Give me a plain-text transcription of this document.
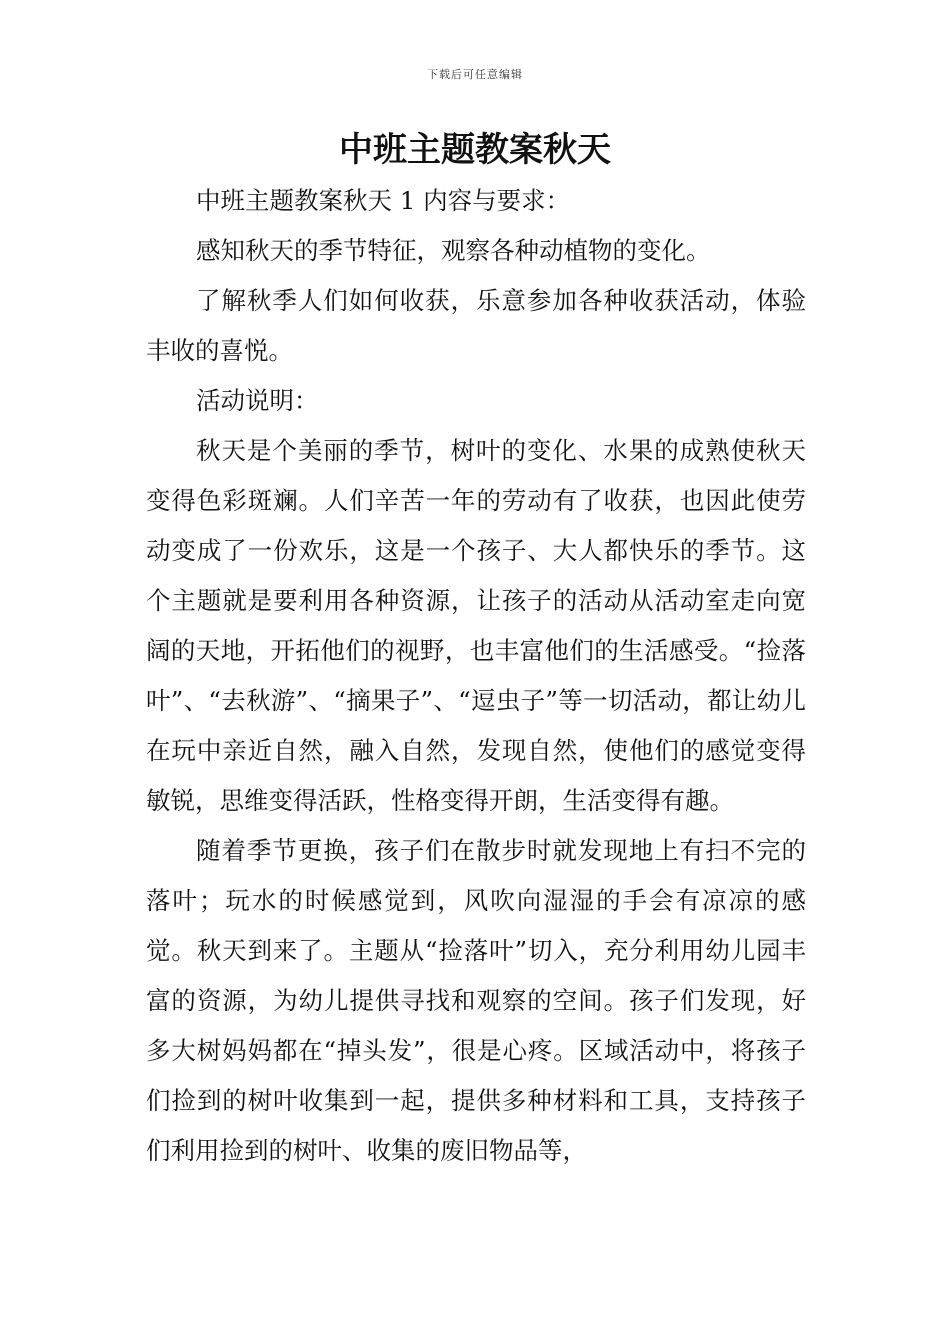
下载后可任意编辑
中班主题教案秋天

中班主题教案秋天 1 内容与要求：

感知秋天的季节特征，观察各种动植物的变化。

了解秋季人们如何收获，乐意参加各种收获活动，体验丰收的喜悦。

活动说明：

秋天是个美丽的季节，树叶的变化、水果的成熟使秋天变得色彩斑斓。人们辛苦一年的劳动有了收获，也因此使劳动变成了一份欢乐，这是一个孩子、大人都快乐的季节。这个主题就是要利用各种资源，让孩子的活动从活动室走向宽阔的天地，开拓他们的视野，也丰富他们的生活感受。“捡落叶”、“去秋游”、“摘果子”、“逗虫子”等一切活动，都让幼儿在玩中亲近自然，融入自然，发现自然，使他们的感觉变得敏锐，思维变得活跃，性格变得开朗，生活变得有趣。

随着季节更换，孩子们在散步时就发现地上有扫不完的落叶；玩水的时候感觉到，风吹向湿湿的手会有凉凉的感觉。秋天到来了。主题从“捡落叶”切入，充分利用幼儿园丰富的资源，为幼儿提供寻找和观察的空间。孩子们发现，好多大树妈妈都在“掉头发”，很是心疼。区域活动中，将孩子们捡到的树叶收集到一起，提供多种材料和工具，支持孩子们利用捡到的树叶、收集的废旧物品等，
